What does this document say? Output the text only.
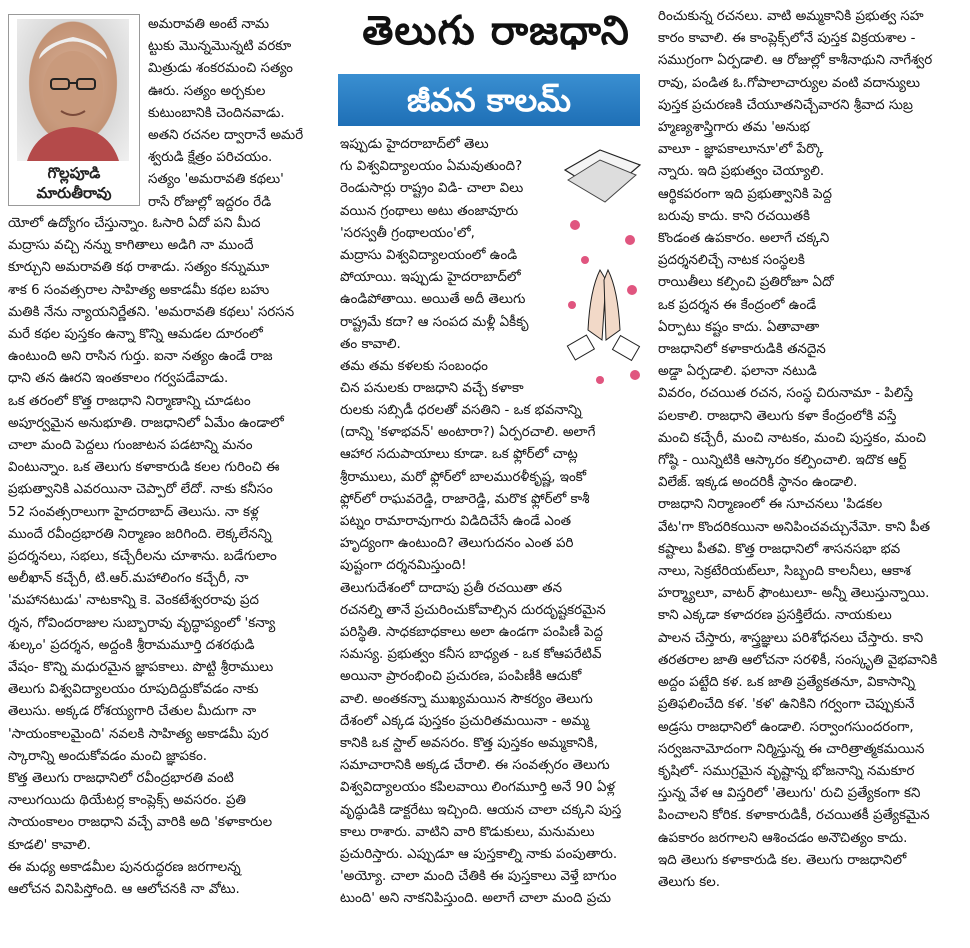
గొల్లపూడి
మారుతీరావు
తెలుగు రాజధాని
జీవన కాలమ్

అమరావతి అంటే నామ

ట్టుకు మొన్నమొన్నటి వరకూ

మిత్రుడు శంకరమంచి సత్యం

ఊరు. సత్యం అర్చకుల

కుటుంబానికి చెందినవాడు.

అతని రచనల ద్వారానే అమరే

శ్వరుడి క్షేత్రం పరిచయం.

సత్యం 'అమరావతి కథలు'

రాసే రోజుల్లో ఇద్దరం రేడి

యోలో ఉద్యోగం చేస్తున్నాం. ఓసారి ఏదో పని మీద

మద్రాసు వచ్చి నన్ను కాగితాలు అడిగి నా ముందే

కూర్చుని అమరావతి కథ రాశాడు. సత్యం కన్నుమూ

శాక 6 సంవత్సరాల సాహిత్య అకాడమీ కథల బహు

మతికి నేను న్యాయనిర్ణేతని. 'అమరావతి కథలు' సరసన

మరే కథల పుస్తకం ఉన్నా కొన్ని ఆమడల దూరంలో

ఉంటుంది అని రాసిన గుర్తు. ఐనా నత్యం ఉండే రాజ

ధాని తన ఊరని ఇంతకాలం గర్వపడేవాడు.

ఒక తరంలో కొత్త రాజధాని నిర్మాణాన్ని చూడటం

అపూర్వమైన అనుభూతి. రాజధానిలో ఏమేం ఉండాలో

చాలా మంది పెద్దలు గుంజాటన పడటాన్ని మనం

వింటున్నాం. ఒక తెలుగు కళాకారుడి కలల గురించి ఈ

ప్రభుత్వానికి ఎవరయినా చెప్పారో లేదో. నాకు కనీసం

52 సంవత్సరాలుగా హైదరాబాద్ తెలుసు. నా కళ్ల

ముందే రవీంద్రభారతి నిర్మాణం జరిగింది. లెక్కలేనన్ని

ప్రదర్శనలు, సభలు, కచ్చేరీలను చూశాను. బడేగులాం

అలీఖాన్ కచ్చేరీ, టి.ఆర్.మహాలింగం కచ్చేరీ, నా

'మహానటుడు' నాటకాన్ని కె. వెంకటేశ్వరరావు ప్రద

ర్శన, గోవిందరాజుల సుబ్బారావు వృద్ధాప్యంలో 'కన్యా

శుల్కం' ప్రదర్శన, అద్దంకి శ్రీరామమూర్తి దశరథుడి

వేషం- కొన్ని మధురమైన జ్ఞాపకాలు. పొట్టి శ్రీరాములు

తెలుగు విశ్వవిద్యాలయం రూపుదిద్దుకోవడం నాకు

తెలుసు. అక్కడ రోశయ్యగారి చేతుల మీదుగా నా

'సాయంకాలమైంది' నవలకి సాహిత్య అకాడమీ పుర

స్కారాన్ని అందుకోవడం మంచి జ్ఞాపకం.

కొత్త తెలుగు రాజధానిలో రవీంద్రభారతి వంటి

నాలుగయిదు థియేటర్ల కాంప్లెక్స్ అవసరం. ప్రతి

సాయంకాలం రాజధాని వచ్చే వారికి అది 'కళాకారుల

కూడలి' కావాలి.

ఈ మధ్య అకాడమీల పునరుద్ధరణ జరగాలన్న

ఆలోచన వినిపిస్తోంది. ఆ ఆలోచనకి నా వోటు.

ఇప్పుడు హైదరాబాద్‌లో తెలు

గు విశ్వవిద్యాలయం ఏమవుతుంది?

రెండుసార్లు రాష్ట్రం విడి- చాలా విలు

వయిన గ్రంథాలు అటు తంజావూరు

'సరస్వతీ గ్రంథాలయం'లో,

మద్రాసు విశ్వవిద్యాలయంలో ఉండి

పోయాయి. ఇప్పుడు హైదరాబాద్‌లో

ఉండిపోతాయి. అయితే అదీ తెలుగు

రాష్ట్రమే కదా? ఆ సంపద మళ్లీ ఏకీకృ

తం కావాలి.

తమ తమ కళలకు సంబంధం

చిన పనులకు రాజధాని వచ్చే కళాకా

రులకు సబ్సిడీ ధరలతో వసతిని - ఒక భవనాన్ని

(దాన్ని 'కళాభవన్' అంటారా?) ఏర్పరచాలి. అలాగే

ఆహార సదుపాయాలు కూడా. ఒక ఫ్లోర్‌లో చాట్ల

శ్రీరాములు, మరో ఫ్లోర్‌లో బాలమురళీకృష్ణ, ఇంకో

ఫ్లోర్‌లో రాఘవరెడ్డి, రాజారెడ్డి, మరొక ఫ్లోర్‌లో కాశీ

పట్నం రామారావుగారు విడిదిచేసే ఉండే ఎంత

హృద్యంగా ఉంటుంది? తెలుగుదనం ఎంత పరి

పుష్టంగా దర్శనమిస్తుంది!

తెలుగుదేశంలో దాదాపు ప్రతీ రచయితా తన

రచనల్ని తానే ప్రచురించుకోవాల్సిన దురదృష్టకరమైన

పరిస్థితి. సాధకబాధకాలు అలా ఉండగా పంపిణీ పెద్ద

సమస్య. ప్రభుత్వం కనీస బాధ్యత - ఒక కోఆపరేటివ్

అయినా ప్రారంభించి ప్రచురణ, పంపిణీకి ఆదుకో

వాలి. అంతకన్నా ముఖ్యమయిన సౌకర్యం తెలుగు

దేశంలో ఎక్కడ పుస్తకం ప్రచురితమయినా - అమ్మ

కానికి ఒక స్టాల్ అవసరం. కొత్త పుస్తకం అమ్మకానికి,

సమాచారానికి అక్కడ చేరాలి. ఈ సంవత్సరం తెలుగు

విశ్వవిద్యాలయం కపిలవాయి లింగమూర్తి అనే 90 ఏళ్ల

వృద్ధుడికి డాక్టరేటు ఇచ్చింది. ఆయన చాలా చక్కని పుస్త

కాలు రాశారు. వాటిని వారి కొడుకులు, మనుమలు

ప్రచురిస్తారు. ఎప్పుడూ ఆ పుస్తకాల్ని నాకు పంపుతారు.

'అయ్యో. చాలా మంది చేతికి ఈ పుస్తకాలు వెళ్తే బాగుం

టుంది' అని నాకనిపిస్తుంది. అలాగే చాలా మంది ప్రచు

రించుకున్న రచనలు. వాటి అమ్మకానికి ప్రభుత్వ సహ

కారం కావాలి. ఈ కాంప్లెక్స్‌లోనే పుస్తక విక్రయశాల -

సముగ్రంగా ఏర్పడాలి. ఆ రోజుల్లో కాశీనాథుని నాగేశ్వర

రావు, పండిత ఓ.గోపాలాచార్యుల వంటి వదాన్యులు

పుస్తక ప్రచురణకి చేయూతనిచ్చేవారని శ్రీవాద సుబ్ర

హ్మణ్యశాస్త్రిగారు తమ 'అనుభ

వాలూ - జ్ఞాపకాలూనూ'లో పేర్కొ

న్నారు. ఇది ప్రభుత్వం చెయ్యాలి.

ఆర్థికపరంగా ఇది ప్రభుత్వానికి పెద్ద

బరువు కాదు. కాని రచయితకి

కొండంత ఉపకారం. అలాగే చక్కని

ప్రదర్శనలిచ్చే నాటక సంస్థలకి

రాయితీలు కల్పించి ప్రతిరోజూ ఏదో

ఒక ప్రదర్శన ఈ కేంద్రంలో ఉండే

ఏర్పాటు కష్టం కాదు. ఏతావాతా

రాజధానిలో కళాకారుడికి తనదైన

అడ్డా ఏర్పడాలి. ఫలానా నటుడి

వివరం, రచయిత రచన, సంస్థ చిరునామా - పిలిస్తే

పలకాలి. రాజధాని తెలుగు కళా కేంద్రంలోకి వస్తే

మంచి కచ్చేరీ, మంచి నాటకం, మంచి పుస్తకం, మంచి

గోష్ఠి - యిన్నిటికి ఆస్కారం కల్పించాలి. ఇదొక ఆర్ట్

విలేజ్. ఇక్కడ అందరికీ స్థానం ఉండాలి.

రాజధాని నిర్మాణంలో ఈ సూచనలు 'పిడకల

వేట'గా కొందరికయినా అనిపించవచ్చునేమో. కాని పీత

కష్టాలు పీతవి. కొత్త రాజధానిలో శాసనసభా భవ

నాలు, సెక్రటేరియట్‌లూ, సిబ్బంది కాలనీలు, ఆకాశ

హర్మ్యాలూ, వాటర్ ఫౌంటులూ- అన్నీ తెలుస్తున్నాయి.

కాని ఎక్కడా కళాదరణ ప్రసక్తిలేదు. నాయకులు

పాలన చేస్తారు, శాస్త్రజ్ఞులు పరిశోధనలు చేస్తారు. కాని

తరతరాల జాతి ఆలోచనా సరళికీ, సంస్కృతి వైభవానికి

అద్దం పట్టేది కళ. ఒక జాతి ప్రత్యేకతనూ, వికాసాన్ని

ప్రతిఫలించేది కళ. 'కళ' ఉనికిని గర్వంగా చెప్పుకునే

అడ్రసు రాజధానిలో ఉండాలి. సర్వాంగసుందరంగా,

సర్వజనామోదంగా నిర్మిస్తున్న ఈ చారిత్రాత్మకమయిన

కృషిలో- సముగ్రమైన వృష్టాన్న భోజనాన్ని నమకూర

స్తున్న వేళ ఆ విస్తరిలో 'తెలుగు' రుచి ప్రత్యేకంగా కని

పించాలని కోరిక. కళాకారుడికీ, రచయితకీ ప్రత్యేకమైన

ఉపకారం జరగాలని ఆశించడం అనౌచిత్యం కాదు.

ఇది తెలుగు కళాకారుడి కల. తెలుగు రాజధానిలో

తెలుగు కల.
